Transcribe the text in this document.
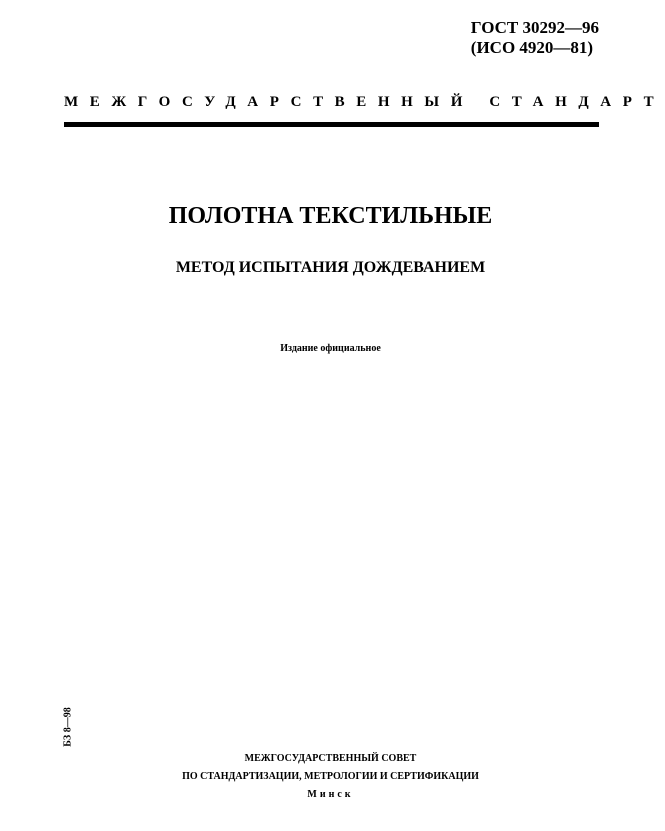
ГОСТ 30292—96
(ИСО 4920—81)
МЕЖГОСУДАРСТВЕННЫЙ СТАНДАРТ
ПОЛОТНА ТЕКСТИЛЬНЫЕ
МЕТОД ИСПЫТАНИЯ ДОЖДЕВАНИЕМ
Издание официальное
БЗ 8—98
МЕЖГОСУДАРСТВЕННЫЙ СОВЕТ
ПО СТАНДАРТИЗАЦИИ, МЕТРОЛОГИИ И СЕРТИФИКАЦИИ
Минск
